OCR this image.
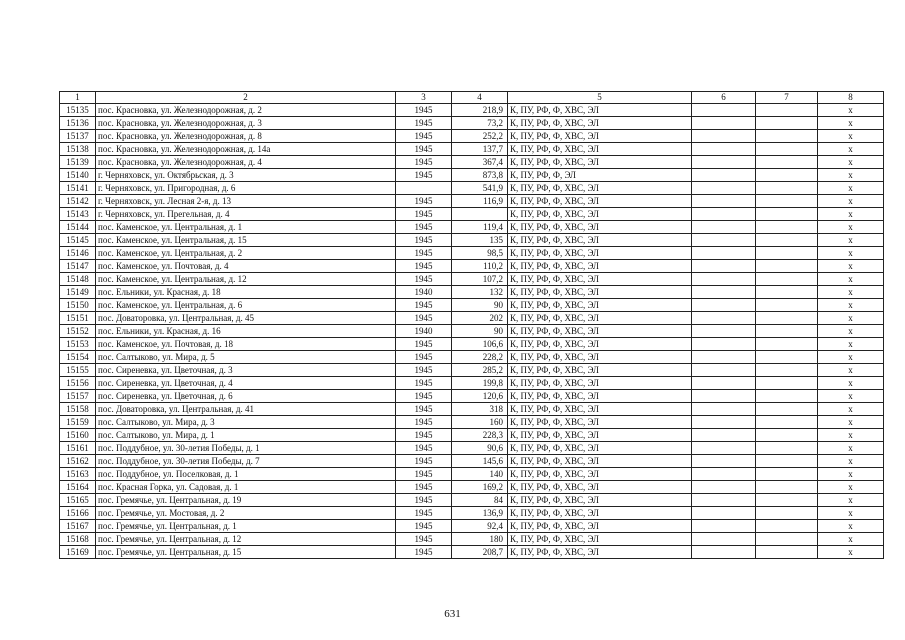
1	2	3	4	5	6	7	8
15135	пос. Красновка, ул. Железнодорожная, д. 2	1945	218,9	К, ПУ, РФ, Ф, ХВС, ЭЛ			х
15136	пос. Красновка, ул. Железнодорожная, д. 3	1945	73,2	К, ПУ, РФ, Ф, ХВС, ЭЛ			х
15137	пос. Красновка, ул. Железнодорожная, д. 8	1945	252,2	К, ПУ, РФ, Ф, ХВС, ЭЛ			х
15138	пос. Красновка, ул. Железнодорожная, д. 14а	1945	137,7	К, ПУ, РФ, Ф, ХВС, ЭЛ			х
15139	пос. Красновка, ул. Железнодорожная, д. 4	1945	367,4	К, ПУ, РФ, Ф, ХВС, ЭЛ			х
15140	г. Черняховск, ул. Октябрьская, д. 3	1945	873,8	К, ПУ, РФ, Ф, ЭЛ			х
15141	г. Черняховск, ул. Пригородная, д. 6		541,9	К, ПУ, РФ, Ф, ХВС, ЭЛ			х
15142	г. Черняховск, ул. Лесная 2-я, д. 13	1945	116,9	К, ПУ, РФ, Ф, ХВС, ЭЛ			х
15143	г. Черняховск, ул. Прегельная, д. 4	1945		К, ПУ, РФ, Ф, ХВС, ЭЛ			х
15144	пос. Каменское, ул. Центральная, д. 1	1945	119,4	К, ПУ, РФ, Ф, ХВС, ЭЛ			х
15145	пос. Каменское, ул. Центральная, д. 15	1945	135	К, ПУ, РФ, Ф, ХВС, ЭЛ			х
15146	пос. Каменское, ул. Центральная, д. 2	1945	98,5	К, ПУ, РФ, Ф, ХВС, ЭЛ			х
15147	пос. Каменское, ул. Почтовая, д. 4	1945	110,2	К, ПУ, РФ, Ф, ХВС, ЭЛ			х
15148	пос. Каменское, ул. Центральная, д. 12	1945	107,2	К, ПУ, РФ, Ф, ХВС, ЭЛ			х
15149	пос. Ельники, ул. Красная, д. 18	1940	132	К, ПУ, РФ, Ф, ХВС, ЭЛ			х
15150	пос. Каменское, ул. Центральная, д. 6	1945	90	К, ПУ, РФ, Ф, ХВС, ЭЛ			х
15151	пос. Доваторовка, ул. Центральная, д. 45	1945	202	К, ПУ, РФ, Ф, ХВС, ЭЛ			х
15152	пос. Ельники, ул. Красная, д. 16	1940	90	К, ПУ, РФ, Ф, ХВС, ЭЛ			х
15153	пос. Каменское, ул. Почтовая, д. 18	1945	106,6	К, ПУ, РФ, Ф, ХВС, ЭЛ			х
15154	пос. Салтыково, ул. Мира, д. 5	1945	228,2	К, ПУ, РФ, Ф, ХВС, ЭЛ			х
15155	пос. Сиреневка, ул. Цветочная, д. 3	1945	285,2	К, ПУ, РФ, Ф, ХВС, ЭЛ			х
15156	пос. Сиреневка, ул. Цветочная, д. 4	1945	199,8	К, ПУ, РФ, Ф, ХВС, ЭЛ			х
15157	пос. Сиреневка, ул. Цветочная, д. 6	1945	120,6	К, ПУ, РФ, Ф, ХВС, ЭЛ			х
15158	пос. Доваторовка, ул. Центральная, д. 41	1945	318	К, ПУ, РФ, Ф, ХВС, ЭЛ			х
15159	пос. Салтыково, ул. Мира, д. 3	1945	160	К, ПУ, РФ, Ф, ХВС, ЭЛ			х
15160	пос. Салтыково, ул. Мира, д. 1	1945	228,3	К, ПУ, РФ, Ф, ХВС, ЭЛ			х
15161	пос. Поддубное, ул. 30-летия Победы, д. 1	1945	90,6	К, ПУ, РФ, Ф, ХВС, ЭЛ			х
15162	пос. Поддубное, ул. 30-летия Победы, д. 7	1945	145,6	К, ПУ, РФ, Ф, ХВС, ЭЛ			х
15163	пос. Поддубное, ул. Поселковая, д. 1	1945	140	К, ПУ, РФ, Ф, ХВС, ЭЛ			х
15164	пос. Красная Горка, ул. Садовая, д. 1	1945	169,2	К, ПУ, РФ, Ф, ХВС, ЭЛ			х
15165	пос. Гремячье, ул. Центральная, д. 19	1945	84	К, ПУ, РФ, Ф, ХВС, ЭЛ			х
15166	пос. Гремячье, ул. Мостовая, д. 2	1945	136,9	К, ПУ, РФ, Ф, ХВС, ЭЛ			х
15167	пос. Гремячье, ул. Центральная, д. 1	1945	92,4	К, ПУ, РФ, Ф, ХВС, ЭЛ			х
15168	пос. Гремячье, ул. Центральная, д. 12	1945	180	К, ПУ, РФ, Ф, ХВС, ЭЛ			х
15169	пос. Гремячье, ул. Центральная, д. 15	1945	208,7	К, ПУ, РФ, Ф, ХВС, ЭЛ			х
631
